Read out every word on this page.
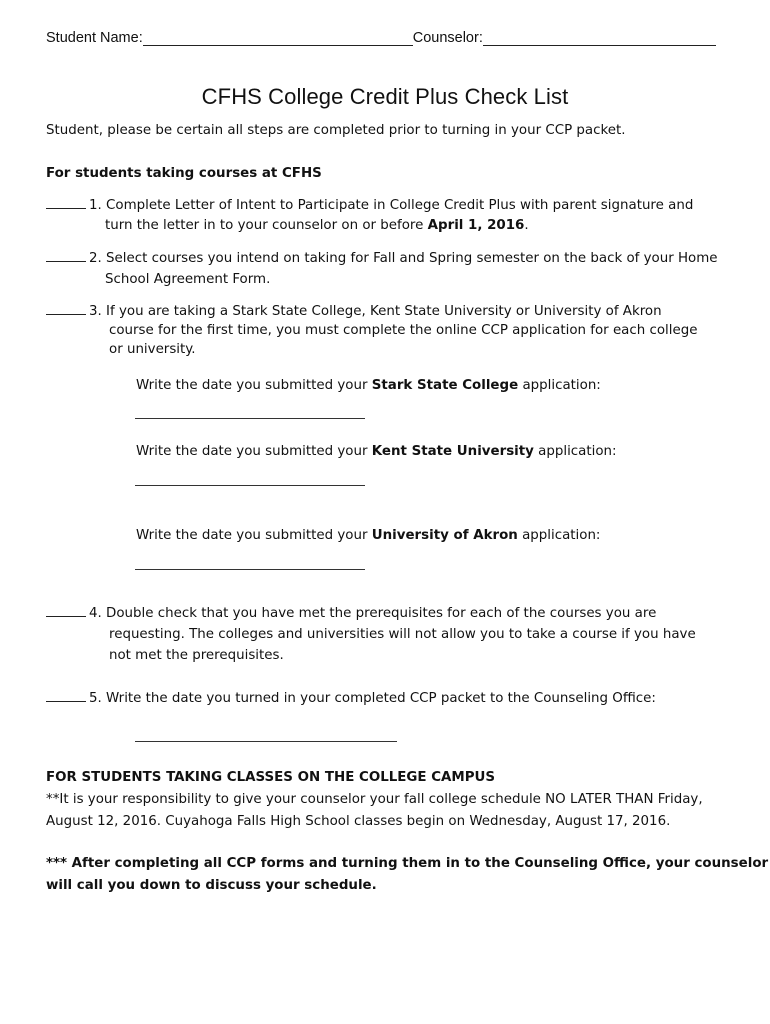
Student Name:	Counselor:
CFHS College Credit Plus Check List
Student, please be certain all steps are completed prior to turning in your CCP packet.
For students taking courses at CFHS
1. Complete Letter of Intent to Participate in College Credit Plus with parent signature and
turn the letter in to your counselor on or before April 1, 2016.
2. Select courses you intend on taking for Fall and Spring semester on the back of your Home
School Agreement Form.
3. If you are taking a Stark State College, Kent State University or University of Akron
course for the first time, you must complete the online CCP application for each college
or university.
Write the date you submitted your Stark State College application:
Write the date you submitted your Kent State University application:
Write the date you submitted your University of Akron application:
4. Double check that you have met the prerequisites for each of the courses you are
requesting. The colleges and universities will not allow you to take a course if you have
not met the prerequisites.
5. Write the date you turned in your completed CCP packet to the Counseling Office:
FOR STUDENTS TAKING CLASSES ON THE COLLEGE CAMPUS
**It is your responsibility to give your counselor your fall college schedule NO LATER THAN Friday,
August 12, 2016. Cuyahoga Falls High School classes begin on Wednesday, August 17, 2016.
*** After completing all CCP forms and turning them in to the Counseling Office, your counselor
will call you down to discuss your schedule.
